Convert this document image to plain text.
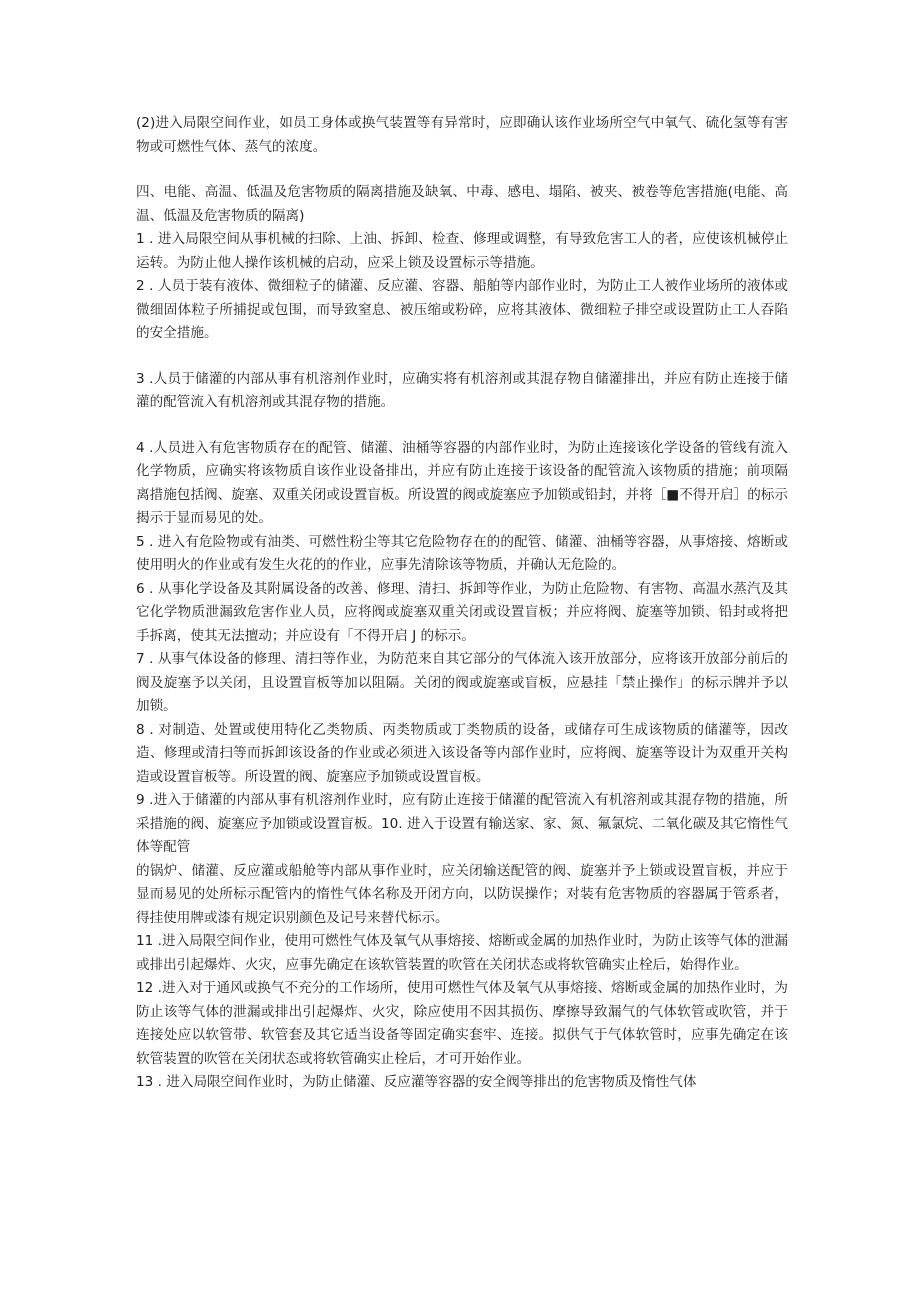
(2)进入局限空间作业，如员工身体或换气装置等有异常时，应即确认该作业场所空气中氧气、硫化氢等有害物或可燃性气体、蒸气的浓度。

四、电能、高温、低温及危害物质的隔离措施及缺氧、中毒、感电、塌陷、被夹、被卷等危害措施(电能、高温、低温及危害物质的隔离)

1 . 进入局限空间从事机械的扫除、上油、拆卸、检查、修理或调整，有导致危害工人的者，应使该机械停止运转。为防止他人操作该机械的启动，应采上锁及设置标示等措施。

2 . 人员于装有液体、微细粒子的储灌、反应灌、容器、船舶等内部作业时，为防止工人被作业场所的液体或微细固体粒子所捕捉或包围，而导致窒息、被压缩或粉碎，应将其液体、微细粒子排空或设置防止工人吞陷的安全措施。

3 .人员于储灌的内部从事有机溶剂作业时，应确实将有机溶剂或其混存物自储灌排出，并应有防止连接于储灌的配管流入有机溶剂或其混存物的措施。

4 .人员进入有危害物质存在的配管、储灌、油桶等容器的内部作业时，为防止连接该化学设备的管线有流入化学物质，应确实将该物质自该作业设备排出，并应有防止连接于该设备的配管流入该物质的措施；前项隔离措施包括阀、旋塞、双重关闭或设置盲板。所设置的阀或旋塞应予加锁或铅封，并将［■不得开启］的标示揭示于显而易见的处。

5 . 进入有危险物或有油类、可燃性粉尘等其它危险物存在的的配管、储灌、油桶等容器，从事熔接、熔断或使用明火的作业或有发生火花的的作业，应事先清除该等物质，并确认无危险的。

6 . 从事化学设备及其附属设备的改善、修理、清扫、拆卸等作业，为防止危险物、有害物、高温水蒸汽及其它化学物质泄漏致危害作业人员，应将阀或旋塞双重关闭或设置盲板；并应将阀、旋塞等加锁、铅封或将把手拆离，使其无法擅动；并应设有「不得开启 J 的标示。

7 . 从事气体设备的修理、清扫等作业，为防范来自其它部分的气体流入该开放部分，应将该开放部分前后的阀及旋塞予以关闭，且设置盲板等加以阻隔。关闭的阀或旋塞或盲板，应悬挂「禁止操作」的标示牌并予以加锁。

8 . 对制造、处置或使用特化乙类物质、丙类物质或丁类物质的设备，或储存可生成该物质的储灌等，因改造、修理或清扫等而拆卸该设备的作业或必须进入该设备等内部作业时，应将阀、旋塞等设计为双重开关构造或设置盲板等。所设置的阀、旋塞应予加锁或设置盲板。

9 .进入于储灌的内部从事有机溶剂作业时，应有防止连接于储灌的配管流入有机溶剂或其混存物的措施，所采措施的阀、旋塞应予加锁或设置盲板。10. 进入于设置有输送家、家、氮、氟氯烷、二氧化碳及其它惰性气体等配管

的锅炉、储灌、反应灌或船舱等内部从事作业时，应关闭输送配管的阀、旋塞并予上锁或设置盲板，并应于显而易见的处所标示配管内的惰性气体名称及开闭方向，以防误操作；对装有危害物质的容器属于管系者，得挂使用牌或漆有规定识别颜色及记号来替代标示。

11 .进入局限空间作业，使用可燃性气体及氧气从事熔接、熔断或金属的加热作业时，为防止该等气体的泄漏或排出引起爆炸、火灾，应事先确定在该软管装置的吹管在关闭状态或将软管确实止栓后，始得作业。

12 .进入对于通风或换气不充分的工作场所，使用可燃性气体及氧气从事熔接、熔断或金属的加热作业时，为防止该等气体的泄漏或排出引起爆炸、火灾，除应使用不因其损伤、摩擦导致漏气的气体软管或吹管，并于连接处应以软管带、软管套及其它适当设备等固定确实套牢、连接。拟供气于气体软管时，应事先确定在该软管装置的吹管在关闭状态或将软管确实止栓后，才可开始作业。

13 . 进入局限空间作业时，为防止储灌、反应灌等容器的安全阀等排出的危害物质及惰性气体
